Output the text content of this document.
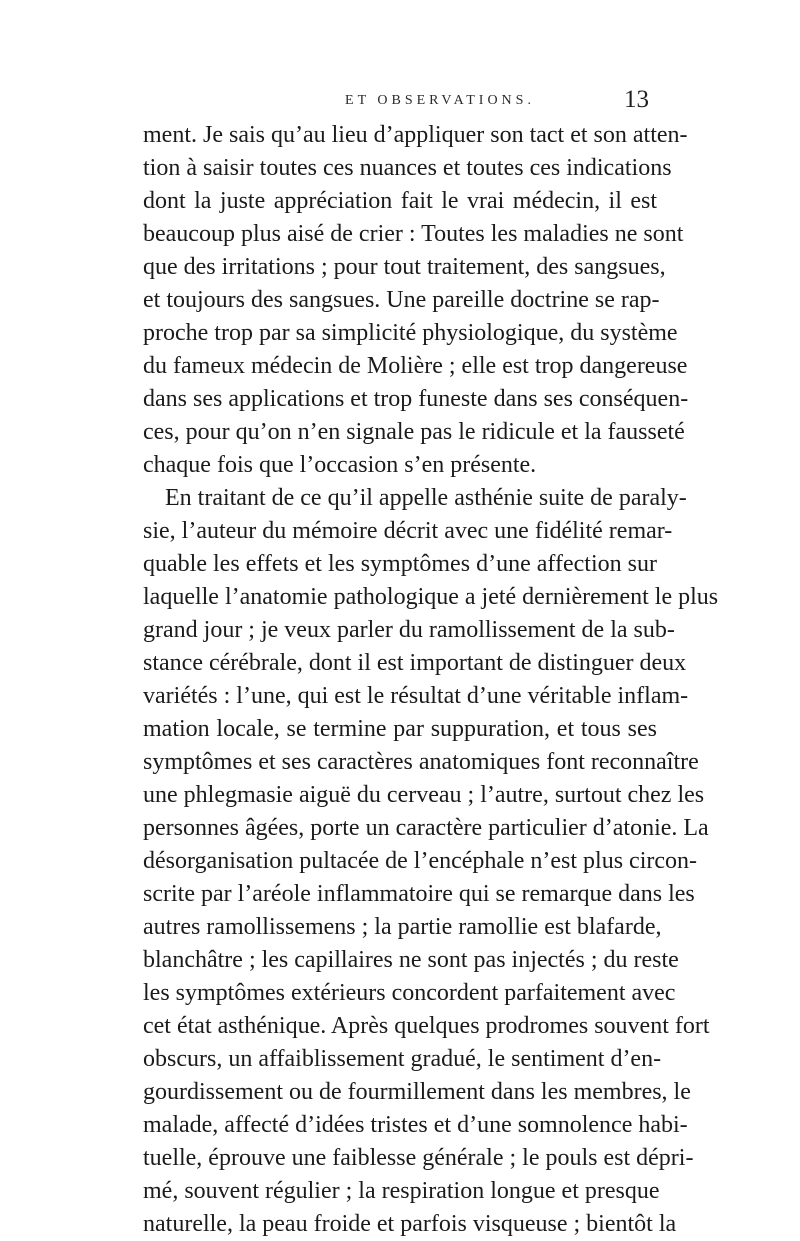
ET OBSERVATIONS.	13
ment. Je sais qu’au lieu d’appliquer son tact et son atten-
tion à saisir toutes ces nuances et toutes ces indications
dont la juste appréciation fait le vrai médecin, il est
beaucoup plus aisé de crier : Toutes les maladies ne sont
que des irritations ; pour tout traitement, des sangsues,
et toujours des sangsues. Une pareille doctrine se rap-
proche trop par sa simplicité physiologique, du système
du fameux médecin de Molière ; elle est trop dangereuse
dans ses applications et trop funeste dans ses conséquen-
ces, pour qu’on n’en signale pas le ridicule et la fausseté
chaque fois que l’occasion s’en présente.
En traitant de ce qu’il appelle asthénie suite de paraly-
sie, l’auteur du mémoire décrit avec une fidélité remar-
quable les effets et les symptômes d’une affection sur
laquelle l’anatomie pathologique a jeté dernièrement le plus
grand jour ; je veux parler du ramollissement de la sub-
stance cérébrale, dont il est important de distinguer deux
variétés : l’une, qui est le résultat d’une véritable inflam-
mation locale, se termine par suppuration, et tous ses
symptômes et ses caractères anatomiques font reconnaître
une phlegmasie aiguë du cerveau ; l’autre, surtout chez les
personnes âgées, porte un caractère particulier d’atonie. La
désorganisation pultacée de l’encéphale n’est plus circon-
scrite par l’aréole inflammatoire qui se remarque dans les
autres ramollissemens ; la partie ramollie est blafarde,
blanchâtre ; les capillaires ne sont pas injectés ; du reste
les symptômes extérieurs concordent parfaitement avec
cet état asthénique. Après quelques prodromes souvent fort
obscurs, un affaiblissement gradué, le sentiment d’en-
gourdissement ou de fourmillement dans les membres, le
malade, affecté d’idées tristes et d’une somnolence habi-
tuelle, éprouve une faiblesse générale ; le pouls est dépri-
mé, souvent régulier ; la respiration longue et presque
naturelle, la peau froide et parfois visqueuse ; bientôt la
